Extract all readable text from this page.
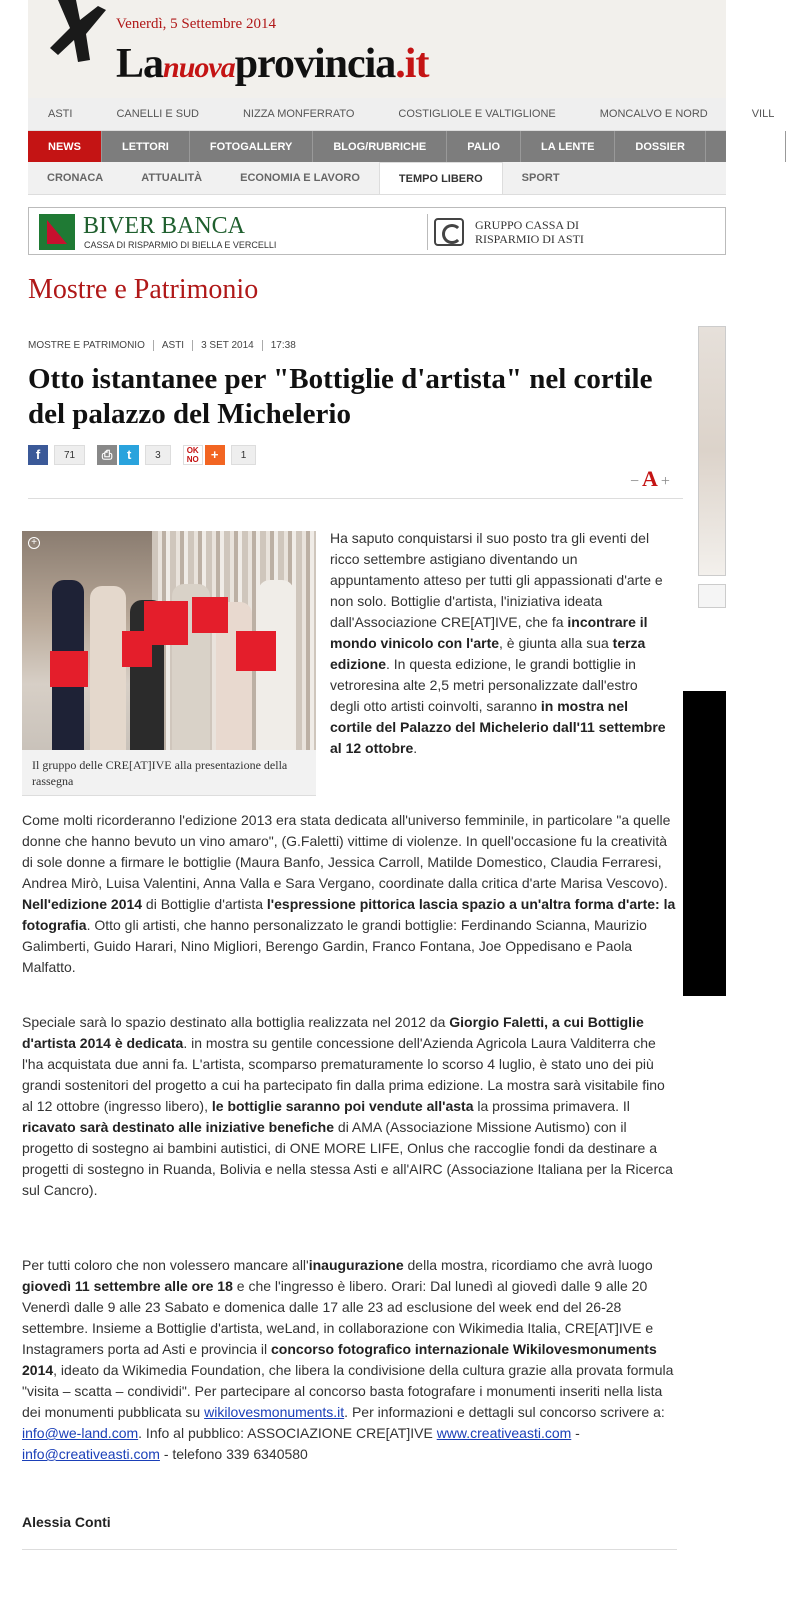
Venerdì, 5 Settembre 2014
Lanuovaprovincia.it
ASTI	CANELLI E SUD	NIZZA MONFERRATO	COSTIGLIOLE E VALTIGLIONE	MONCALVO E NORD	VILL
NEWS	LETTORI	FOTOGALLERY	BLOG/RUBRICHE	PALIO	LA LENTE	DOSSIER	SERVIZ
CRONACA	ATTUALITÀ	ECONOMIA E LAVORO	TEMPO LIBERO	SPORT
BIVER BANCA
CASSA DI RISPARMIO DI BIELLA E VERCELLI
GRUPPO CASSA DI RISPARMIO DI ASTI
Mostre e Patrimonio
MOSTRE E PATRIMONIO	ASTI	3 SET 2014	17:38
Otto istantanee per "Bottiglie d'artista" nel cortile del palazzo del Michelerio
f	71	⎙	t	3	OK NO +	1
− A +
+
Il gruppo delle CRE[AT]IVE alla presentazione della rassegna
Ha saputo conquistarsi il suo posto tra gli eventi del ricco settembre astigiano diventando un appuntamento atteso per tutti gli appassionati d'arte e non solo. Bottiglie d'artista, l'iniziativa ideata dall'Associazione CRE[AT]IVE, che fa incontrare il mondo vinicolo con l'arte, è giunta alla sua terza edizione. In questa edizione, le grandi bottiglie in vetroresina alte 2,5 metri personalizzate dall'estro degli otto artisti coinvolti, saranno in mostra nel cortile del Palazzo del Michelerio dall'11 settembre al 12 ottobre.
Come molti ricorderanno l'edizione 2013 era stata dedicata all'universo femminile, in particolare "a quelle donne che hanno bevuto un vino amaro", (G.Faletti) vittime di violenze. In quell'occasione fu la creatività di sole donne a firmare le bottiglie (Maura Banfo, Jessica Carroll, Matilde Domestico, Claudia Ferraresi, Andrea Mirò, Luisa Valentini, Anna Valla e Sara Vergano, coordinate dalla critica d'arte Marisa Vescovo). Nell'edizione 2014 di Bottiglie d'artista l'espressione pittorica lascia spazio a un'altra forma d'arte: la fotografia. Otto gli artisti, che hanno personalizzato le grandi bottiglie: Ferdinando Scianna, Maurizio Galimberti, Guido Harari, Nino Migliori, Berengo Gardin, Franco Fontana, Joe Oppedisano e Paola Malfatto.
Speciale sarà lo spazio destinato alla bottiglia realizzata nel 2012 da Giorgio Faletti, a cui Bottiglie d'artista 2014 è dedicata. in mostra su gentile concessione dell'Azienda Agricola Laura Valditerra che l'ha acquistata due anni fa. L'artista, scomparso prematuramente lo scorso 4 luglio, è stato uno dei più grandi sostenitori del progetto a cui ha partecipato fin dalla prima edizione. La mostra sarà visitabile fino al 12 ottobre (ingresso libero), le bottiglie saranno poi vendute all'asta la prossima primavera. Il ricavato sarà destinato alle iniziative benefiche di AMA (Associazione Missione Autismo) con il progetto di sostegno ai bambini autistici, di ONE MORE LIFE, Onlus che raccoglie fondi da destinare a progetti di sostegno in Ruanda, Bolivia e nella stessa Asti e all'AIRC (Associazione Italiana per la Ricerca sul Cancro).
Per tutti coloro che non volessero mancare all'inaugurazione della mostra, ricordiamo che avrà luogo giovedì 11 settembre alle ore 18 e che l'ingresso è libero. Orari: Dal lunedì al giovedì dalle 9 alle 20 Venerdì dalle 9 alle 23 Sabato e domenica dalle 17 alle 23 ad esclusione del week end del 26-28 settembre. Insieme a Bottiglie d'artista, weLand, in collaborazione con Wikimedia Italia, CRE[AT]IVE e Instagramers porta ad Asti e provincia il concorso fotografico internazionale Wikilovesmonuments 2014, ideato da Wikimedia Foundation, che libera la condivisione della cultura grazie alla provata formula "visita – scatta – condividi". Per partecipare al concorso basta fotografare i monumenti inseriti nella lista dei monumenti pubblicata su wikilovesmonuments.it. Per informazioni e dettagli sul concorso scrivere a: info@we-land.com. Info al pubblico: ASSOCIAZIONE CRE[AT]IVE www.creativeasti.com - info@creativeasti.com - telefono 339 6340580
Alessia Conti
